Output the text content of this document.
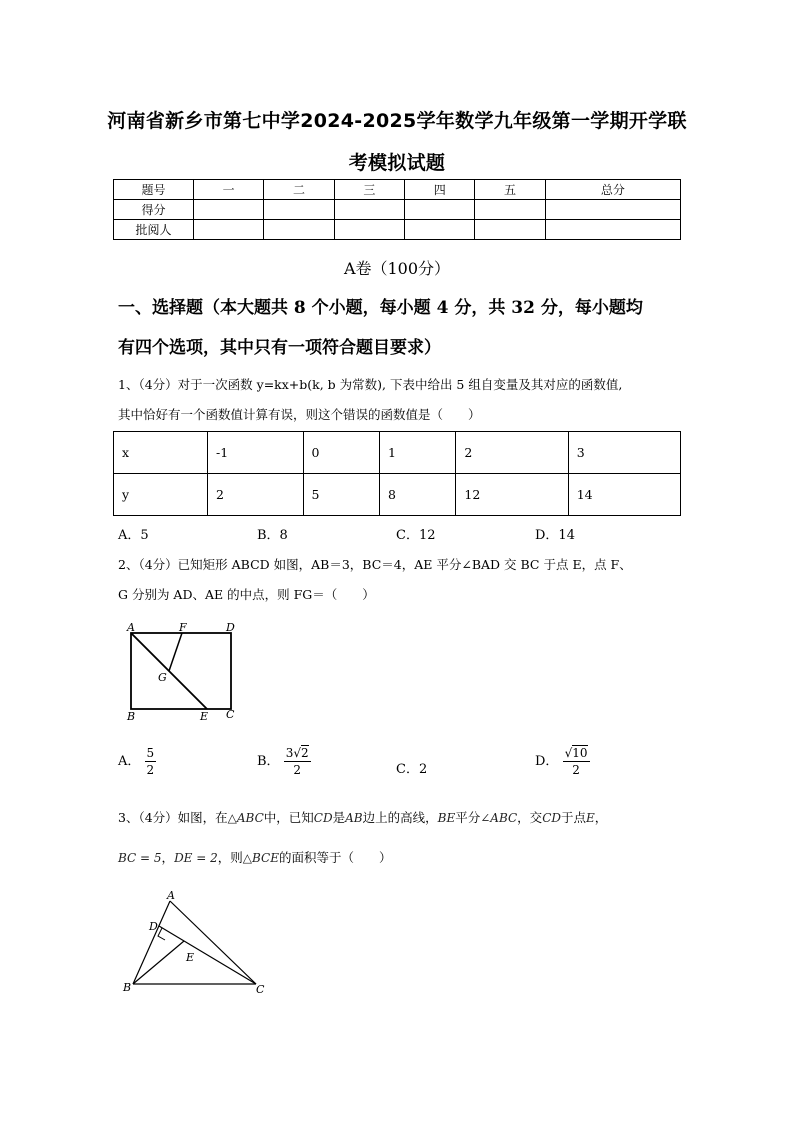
河南省新乡市第七中学2024-2025学年数学九年级第一学期开学联
考模拟试题
题号	一	二	三	四	五	总分
得分						
批阅人						
A卷（100分）
一、选择题（本大题共 8 个小题，每小题 4 分，共 32 分，每小题均
有四个选项，其中只有一项符合题目要求）
1、（4分）对于一次函数 y=kx+b(k, b 为常数), 下表中给出 5 组自变量及其对应的函数值,
其中恰好有一个函数值计算有误，则这个错误的函数值是（　　）
x	-1	0	1	2	3
y	2	5	8	12	14
A．5	B．8	C．12	D．14
2、（4分）已知矩形 ABCD 如图，AB＝3，BC＝4，AE 平分∠BAD 交 BC 于点 E，点 F、
G 分别为 AD、AE 的中点，则 FG＝（　　）
A	F	D
G
B	E C
A． $\frac{5}{2}$	B． $\frac{3√2}{2}$	C．2
D． $\frac{√10}{2}$
3、（4分）如图，在△ABC中，已知CD是AB边上的高线，BE平分∠ABC，交CD于点E，
BC = 5，DE = 2，则△BCE的面积等于（　　）
A
D
E
B	C
